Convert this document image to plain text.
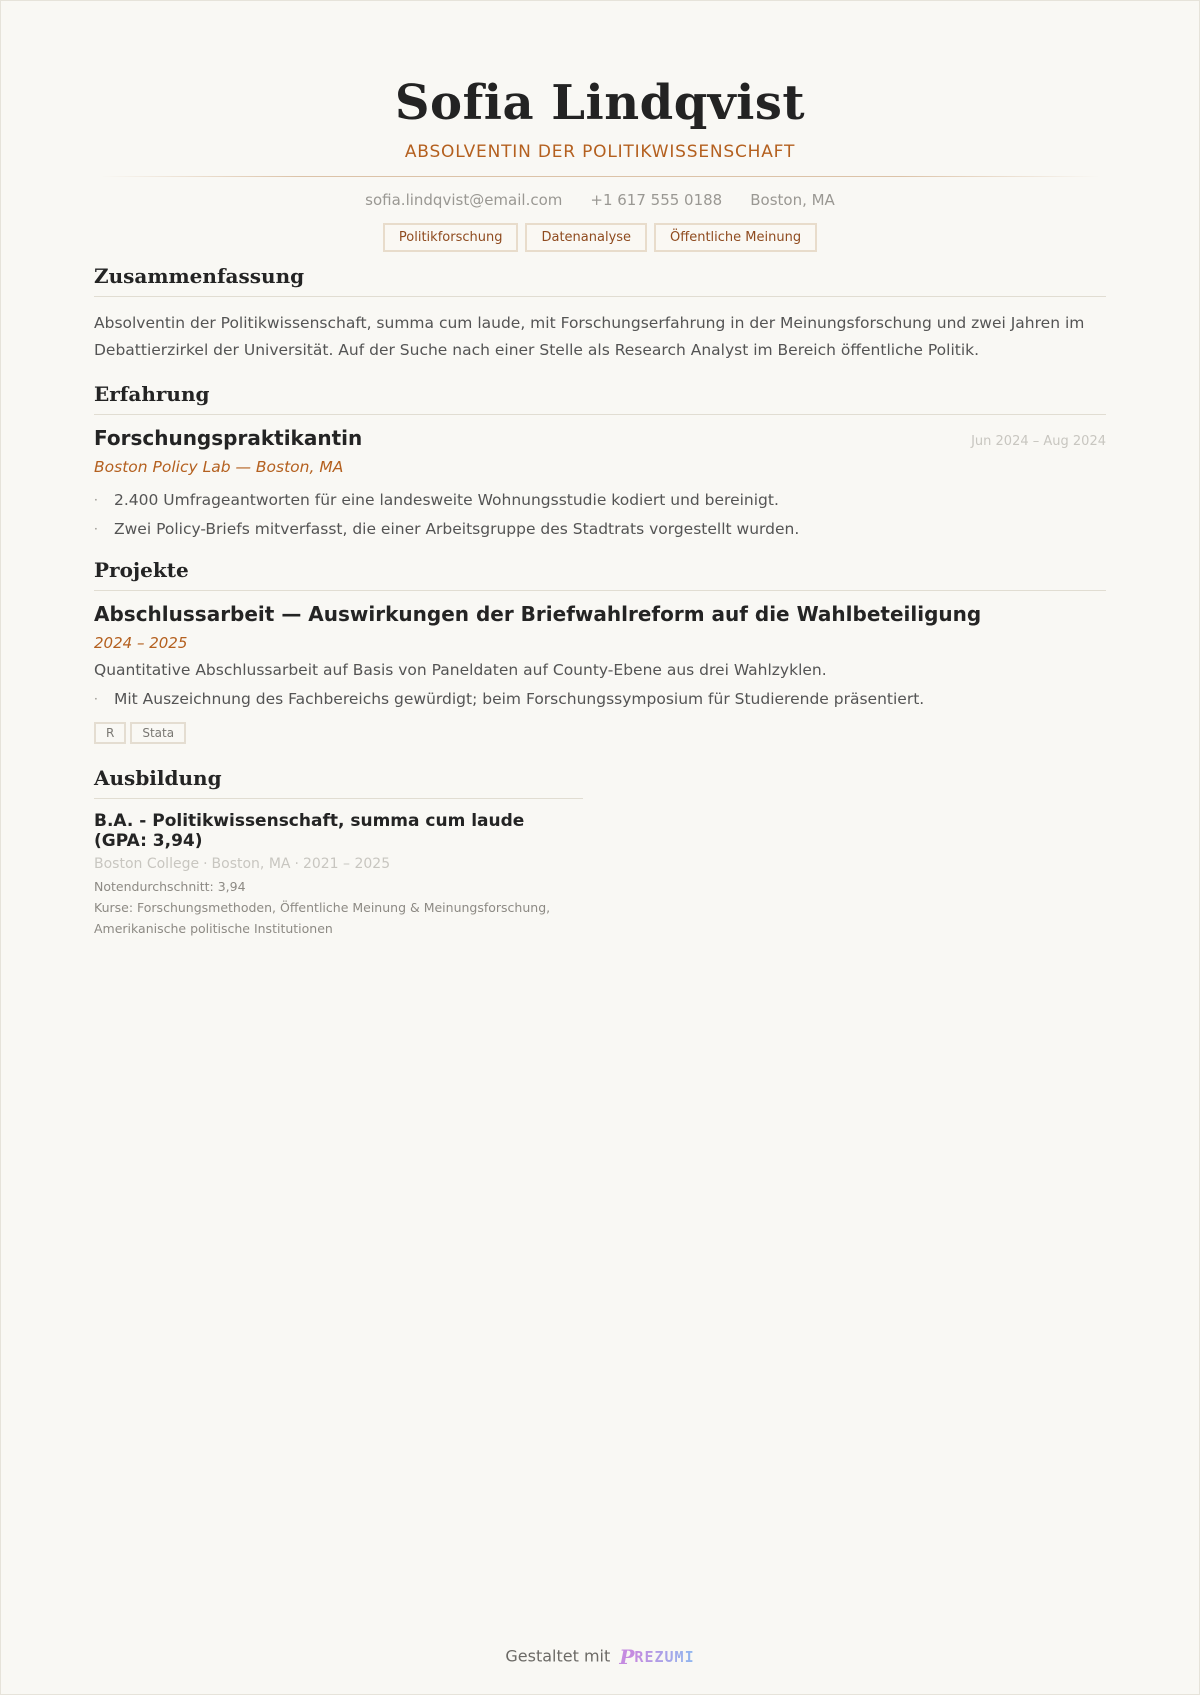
Sofia Lindqvist
ABSOLVENTIN DER POLITIKWISSENSCHAFT
sofia.lindqvist@email.com +1 617 555 0188 Boston, MA
Politikforschung	Datenanalyse	Öffentliche Meinung
Zusammenfassung

Absolventin der Politikwissenschaft, summa cum laude, mit Forschungserfahrung in der Meinungsforschung und zwei Jahren im Debattierzirkel der Universität. Auf der Suche nach einer Stelle als Research Analyst im Bereich öffentliche Politik.

Erfahrung
Forschungspraktikantin	Jun 2024 – Aug 2024
Boston Policy Lab — Boston, MA
· 2.400 Umfrageantworten für eine landesweite Wohnungsstudie kodiert und bereinigt.
· Zwei Policy-Briefs mitverfasst, die einer Arbeitsgruppe des Stadtrats vorgestellt wurden.
Projekte
Abschlussarbeit — Auswirkungen der Briefwahlreform auf die Wahlbeteiligung
2024 – 2025
Quantitative Abschlussarbeit auf Basis von Paneldaten auf County-Ebene aus drei Wahlzyklen.
· Mit Auszeichnung des Fachbereichs gewürdigt; beim Forschungssymposium für Studierende präsentiert.
R	Stata
Ausbildung
B.A. - Politikwissenschaft, summa cum laude (GPA: 3,94)
Boston College · Boston, MA · 2021 – 2025
Notendurchschnitt: 3,94
Kurse: Forschungsmethoden, Öffentliche Meinung & Meinungsforschung, Amerikanische politische Institutionen
Gestaltet mit P REZUMI
